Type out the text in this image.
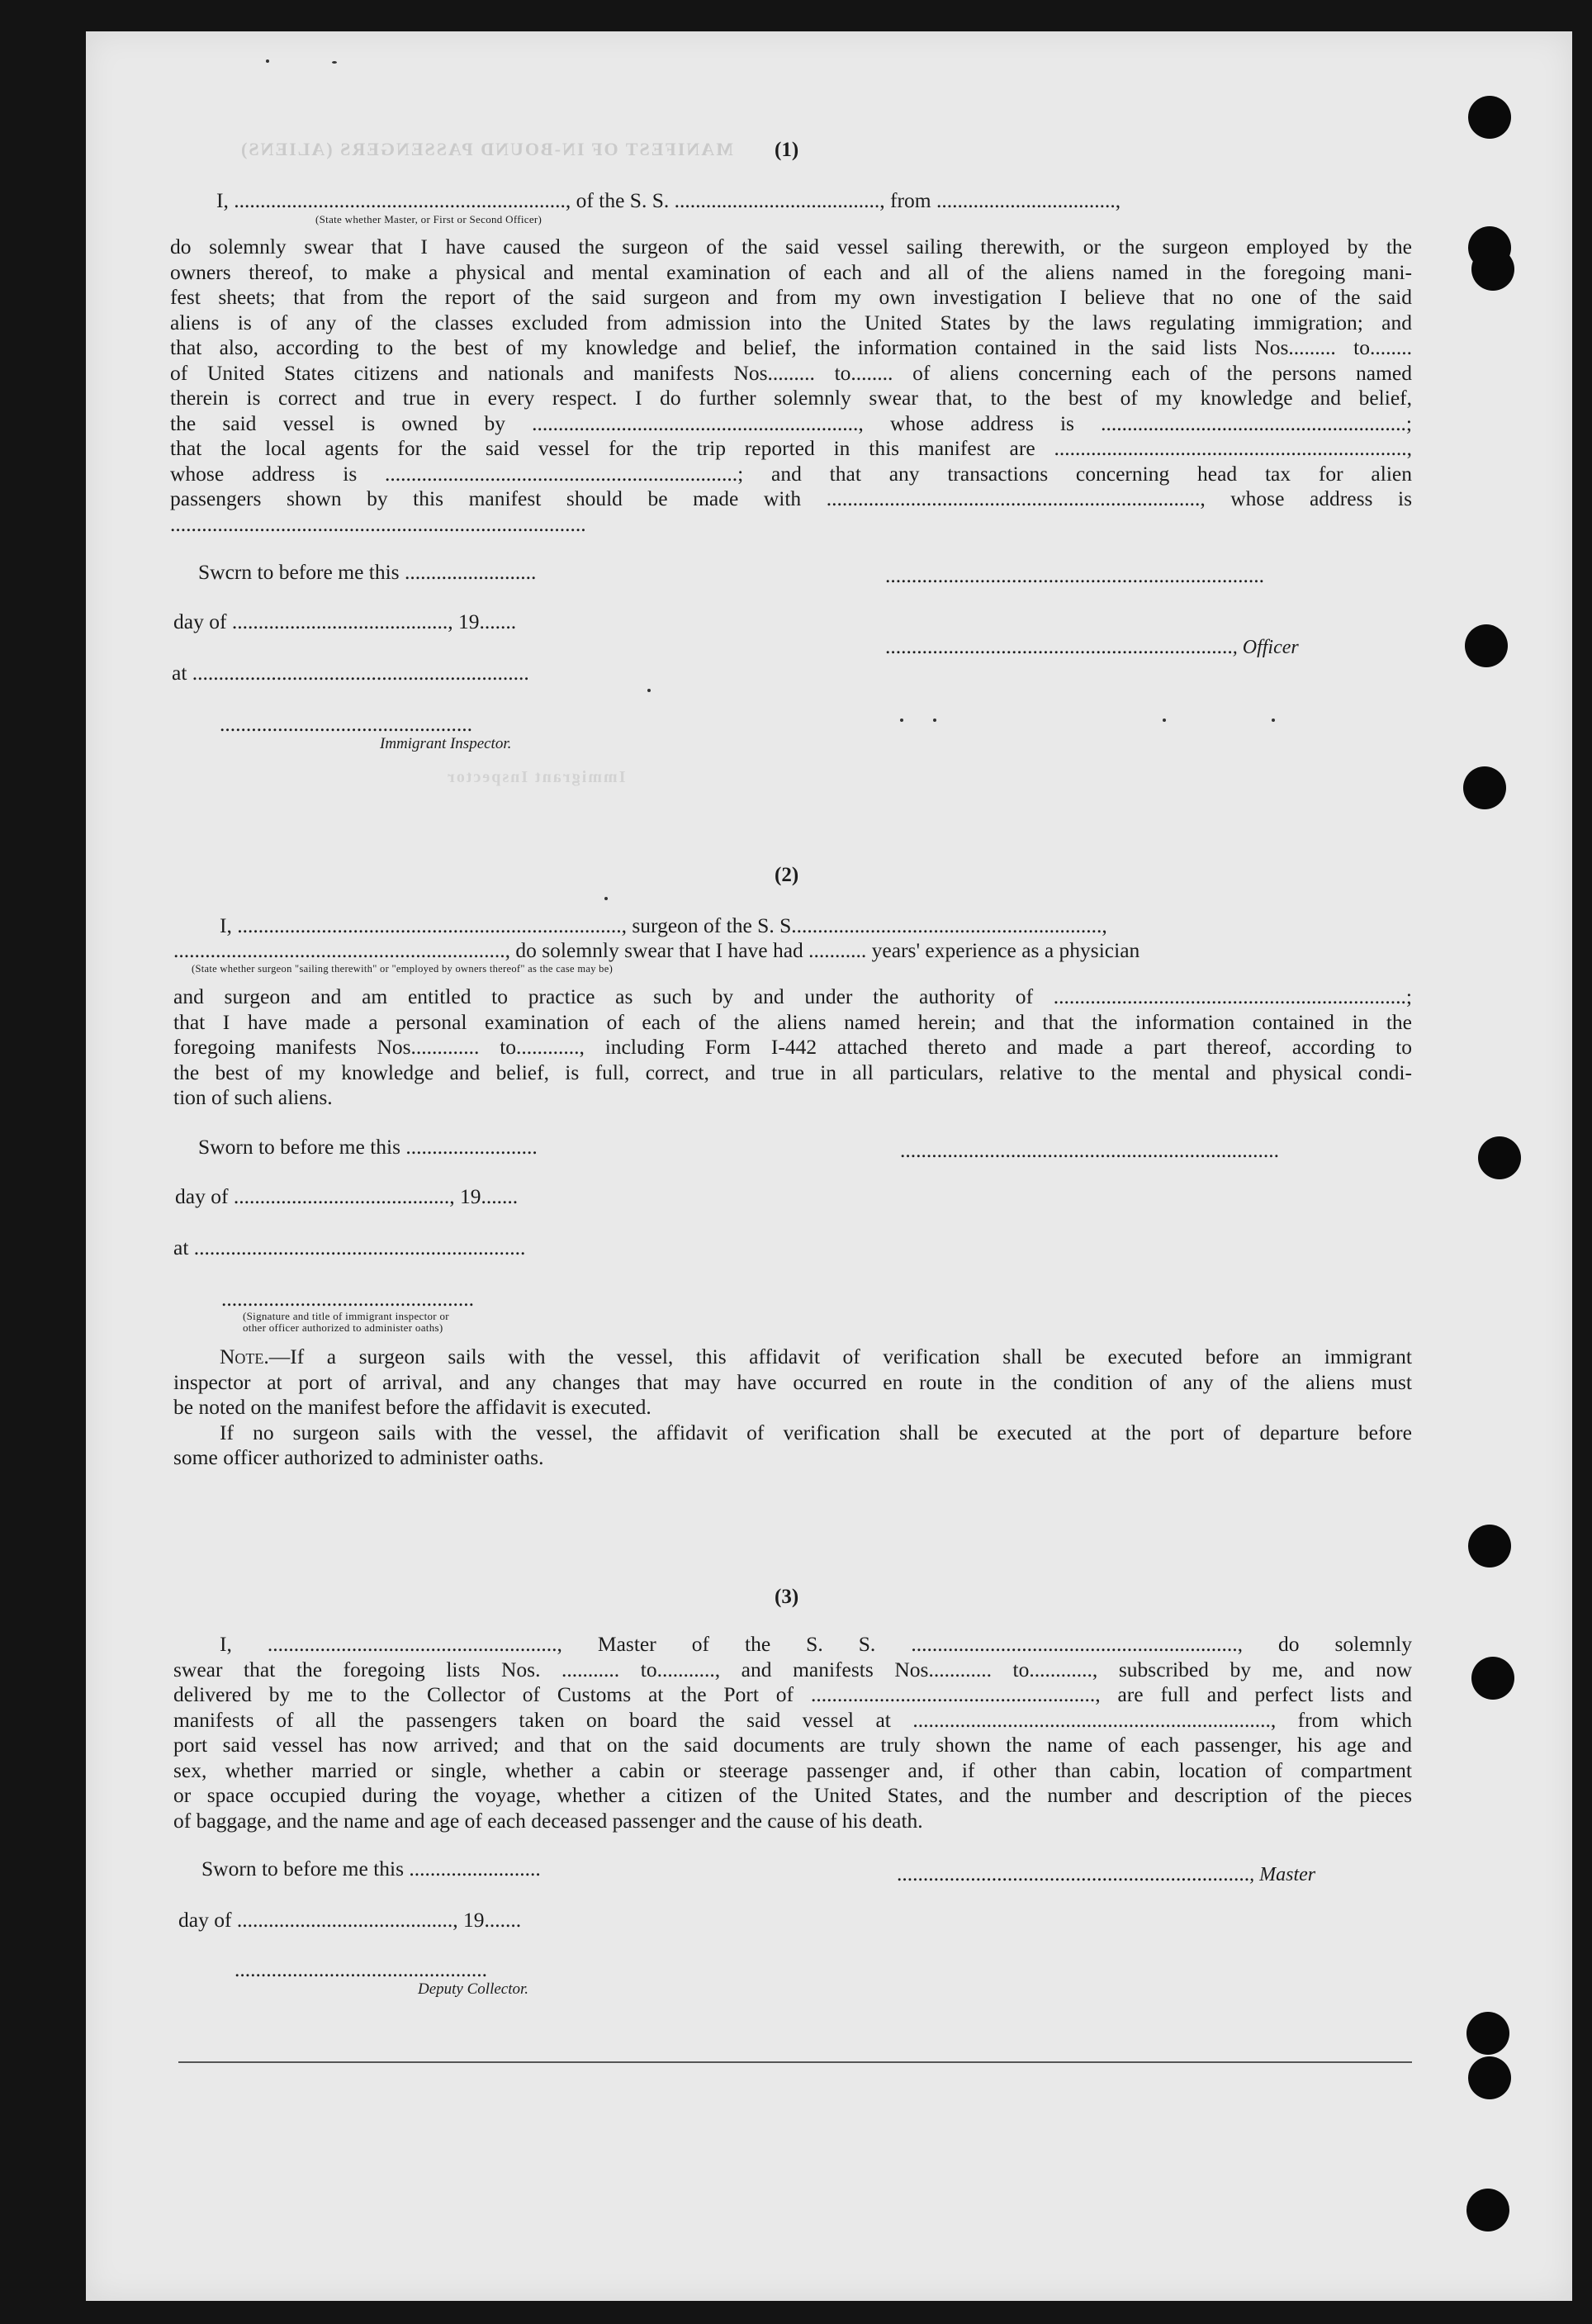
MANIFEST OF IN-BOUND PASSENGERS (ALIENS)
Immigrant Inspector
(1)
I, ..............................................................., of the S. S. ......................................., from ..................................,
(State whether Master, or First or Second Officer)
do solemnly swear that I have caused the surgeon of the said vessel sailing therewith, or the surgeon employed by the
owners thereof, to make a physical and mental examination of each and all of the aliens named in the foregoing mani-
fest sheets; that from the report of the said surgeon and from my own investigation I believe that no one of the said
aliens is of any of the classes excluded from admission into the United States by the laws regulating immigration; and
that also, according to the best of my knowledge and belief, the information contained in the said lists Nos......... to........
of United States citizens and nationals and manifests Nos......... to........ of aliens concerning each of the persons named
therein is correct and true in every respect. I do further solemnly swear that, to the best of my knowledge and belief,
the said vessel is owned by .............................................................., whose address is ..........................................................;
that the local agents for the said vessel for the trip reported in this manifest are ...................................................................,
whose address is ...................................................................; and that any transactions concerning head tax for alien
passengers shown by this manifest should be made with ......................................................................., whose address is
...............................................................................
Swcrn to before me this .........................
day of ........................................., 19.......
at ................................................................
................................................
Immigrant Inspector.
........................................................................
.................................................................., Officer
(2)
I, ........................................................................., surgeon of the S. S...........................................................,
..............................................................., do solemnly swear that I have had ........... years' experience as a physician
(State whether surgeon "sailing therewith" or "employed by owners thereof" as the case may be)
and surgeon and am entitled to practice as such by and under the authority of ...................................................................;
that I have made a personal examination of each of the aliens named herein; and that the information contained in the
foregoing manifests Nos............. to............, including Form I-442 attached thereto and made a part thereof, according to
the best of my knowledge and belief, is full, correct, and true in all particulars, relative to the mental and physical condi-
tion of such aliens.
Sworn to before me this .........................
day of ........................................., 19.......
at ...............................................................
........................................................................
................................................
(Signature and title of immigrant inspector or
other officer authorized to administer oaths)
Note.—If a surgeon sails with the vessel, this affidavit of verification shall be executed before an immigrant
inspector at port of arrival, and any changes that may have occurred en route in the condition of any of the aliens must
be noted on the manifest before the affidavit is executed.
If no surgeon sails with the vessel, the affidavit of verification shall be executed at the port of departure before
some officer authorized to administer oaths.
(3)
I, ......................................................., Master of the S. S. .............................................................., do solemnly
swear that the foregoing lists Nos. ........... to..........., and manifests Nos............ to............, subscribed by me, and now
delivered by me to the Collector of Customs at the Port of ......................................................, are full and perfect lists and
manifests of all the passengers taken on board the said vessel at ...................................................................., from which
port said vessel has now arrived; and that on the said documents are truly shown the name of each passenger, his age and
sex, whether married or single, whether a cabin or steerage passenger and, if other than cabin, location of compartment
or space occupied during the voyage, whether a citizen of the United States, and the number and description of the pieces
of baggage, and the name and age of each deceased passenger and the cause of his death.
Sworn to before me this .........................
day of ........................................., 19.......
..................................................................., Master
................................................
Deputy Collector.
